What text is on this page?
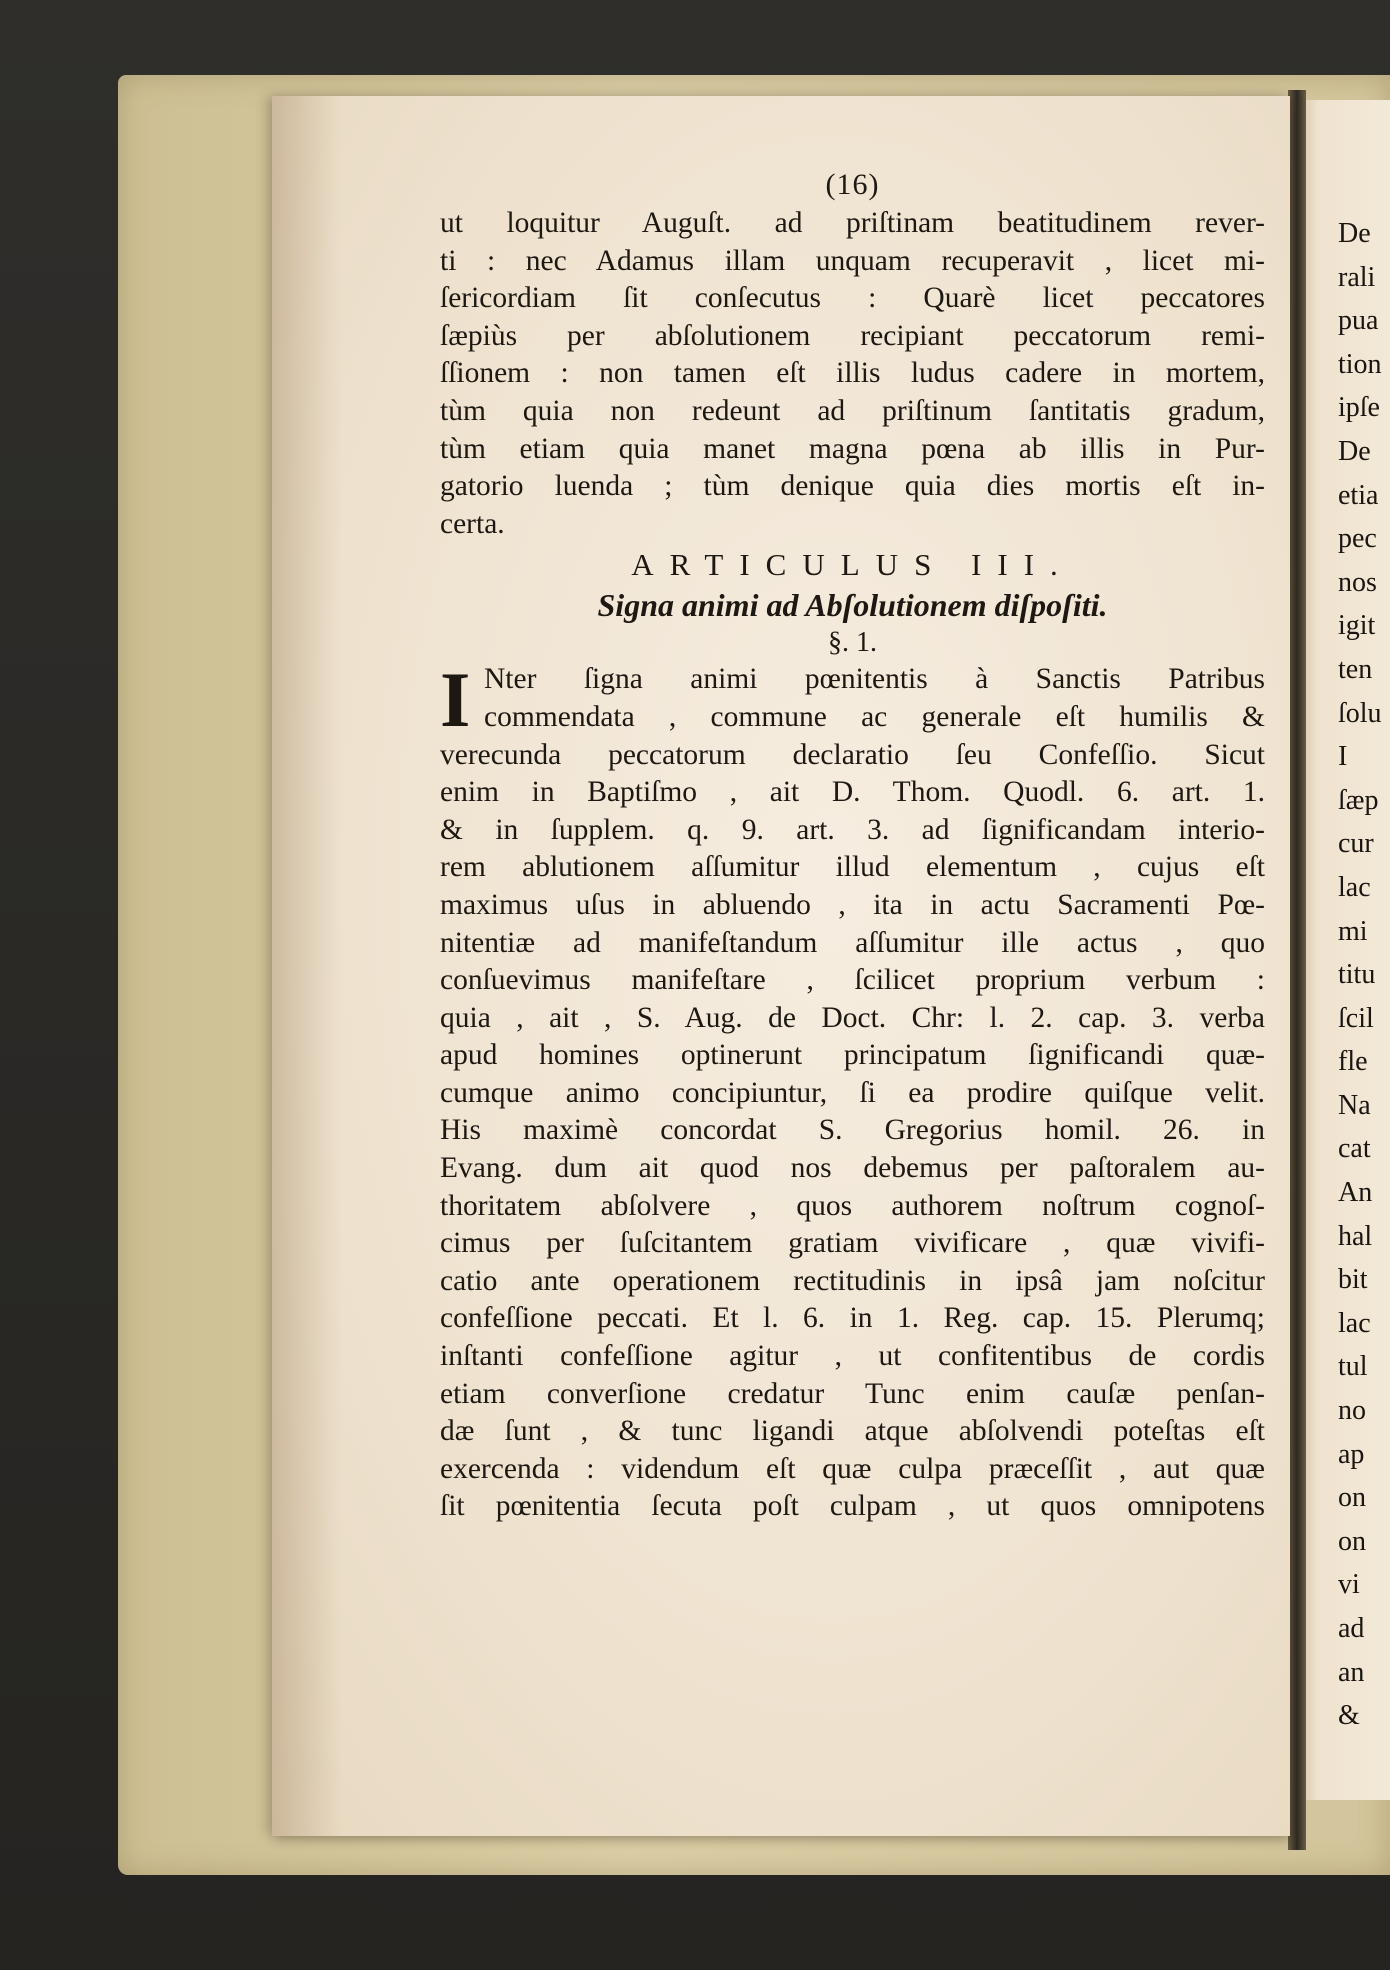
De
rali
pua
tion
ipſe
De
etia
pec
nos
igit
ten
ſolu
I
ſæp
cur
lac
mi
titu
ſcil
fle
Na
cat
An
hal
bit
lac
tul
no
ap
on
on
vi
ad
an
&
(16)
ut loquitur Auguſt. ad priſtinam beatitudinem rever-
ti : nec Adamus illam unquam recuperavit , licet mi-
ſericordiam ſit conſecutus : Quarè licet peccatores
ſæpiùs per abſolutionem recipiant peccatorum remi-
ſſionem : non tamen eſt illis ludus cadere in mortem,
tùm quia non redeunt ad priſtinum ſantitatis gradum,
tùm etiam quia manet magna pœna ab illis in Pur-
gatorio luenda ; tùm denique quia dies mortis eſt in-
certa.
ARTICULUS III.
Signa animi ad Abſolutionem diſpoſiti.
§. 1.
I Nter ſigna animi pœnitentis à Sanctis Patribus
commendata , commune ac generale eſt humilis &
verecunda peccatorum declaratio ſeu Confeſſio. Sicut
enim in Baptiſmo , ait D. Thom. Quodl. 6. art. 1.
& in ſupplem. q. 9. art. 3. ad ſignificandam interio-
rem ablutionem aſſumitur illud elementum , cujus eſt
maximus uſus in abluendo , ita in actu Sacramenti Pœ-
nitentiæ ad manifeſtandum aſſumitur ille actus , quo
conſuevimus manifeſtare , ſcilicet proprium verbum :
quia , ait , S. Aug. de Doct. Chr: l. 2. cap. 3. verba
apud homines optinerunt principatum ſignificandi quæ-
cumque animo concipiuntur, ſi ea prodire quiſque velit.
His maximè concordat S. Gregorius homil. 26. in
Evang. dum ait quod nos debemus per paſtoralem au-
thoritatem abſolvere , quos authorem noſtrum cognoſ-
cimus per ſuſcitantem gratiam vivificare , quæ vivifi-
catio ante operationem rectitudinis in ipsâ jam noſcitur
confeſſione peccati. Et l. 6. in 1. Reg. cap. 15. Plerumq;
inſtanti confeſſione agitur , ut confitentibus de cordis
etiam converſione credatur Tunc enim cauſæ penſan-
dæ ſunt , & tunc ligandi atque abſolvendi poteſtas eſt
exercenda : videndum eſt quæ culpa præceſſit , aut quæ
ſit pœnitentia ſecuta poſt culpam , ut quos omnipotens
